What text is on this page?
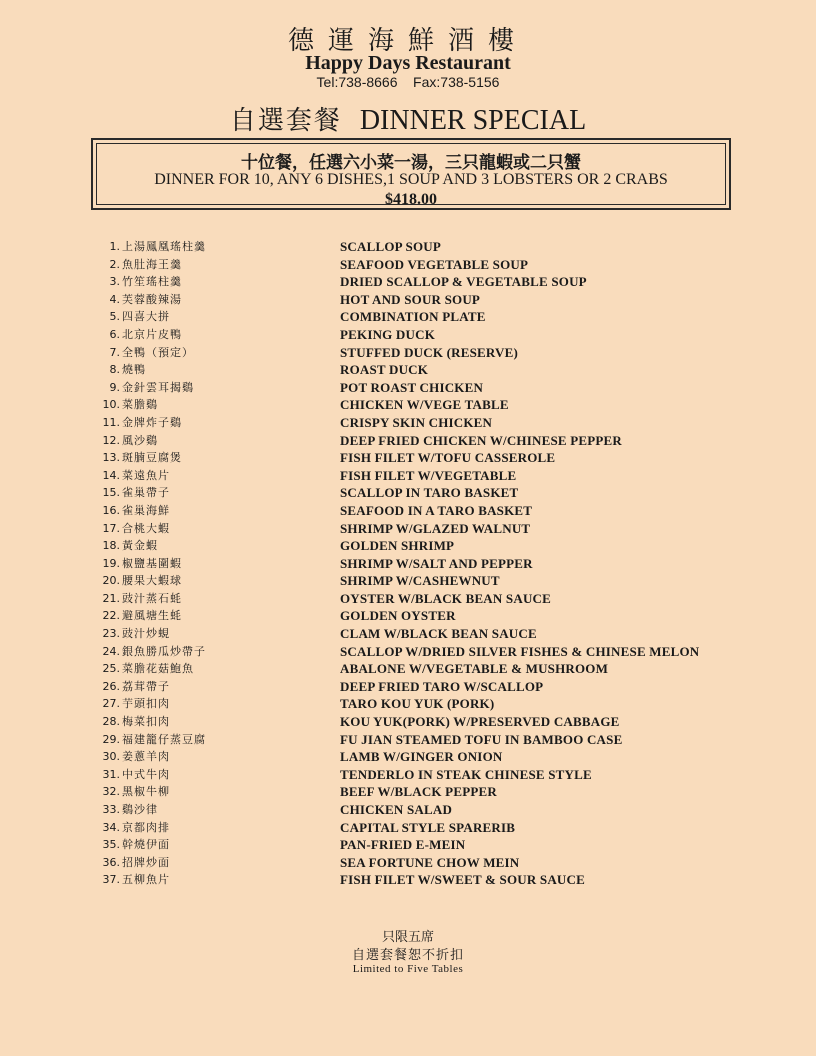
德運海鮮酒樓
Happy Days Restaurant
Tel:738-8666    Fax:738-5156
自選套餐 DINNER SPECIAL
十位餐，任選六小菜一湯，三只龍蝦或二只蟹
DINNER FOR 10, ANY 6 DISHES,1 SOUP AND 3 LOBSTERS OR 2 CRABS
$418.00
1. 上湯鳳凰瑤柱羹	SCALLOP SOUP
2. 魚肚海王羹	SEAFOOD VEGETABLE SOUP
3. 竹笙瑤柱羹	DRIED SCALLOP & VEGETABLE SOUP
4. 芙蓉酸辣湯	HOT AND SOUR SOUP
5. 四喜大拼	COMBINATION PLATE
6. 北京片皮鴨	PEKING DUCK
7. 全鴨（預定）	STUFFED DUCK (RESERVE)
8. 燒鴨	ROAST DUCK
9. 金針雲耳揭鷄	POT ROAST CHICKEN
10. 菜膽鷄	CHICKEN W/VEGE TABLE
11. 金牌炸子鷄	CRISPY SKIN CHICKEN
12. 風沙鷄	DEEP FRIED CHICKEN W/CHINESE PEPPER
13. 斑腩豆腐煲	FISH FILET W/TOFU CASSEROLE
14. 菜遠魚片	FISH FILET W/VEGETABLE
15. 雀巢帶子	SCALLOP IN TARO BASKET
16. 雀巢海鮮	SEAFOOD IN A TARO BASKET
17. 合桃大蝦	SHRIMP W/GLAZED WALNUT
18. 黃金蝦	GOLDEN SHRIMP
19. 椒鹽基圍蝦	SHRIMP W/SALT AND PEPPER
20. 腰果大蝦球	SHRIMP W/CASHEWNUT
21. 豉汁蒸石蚝	OYSTER W/BLACK BEAN SAUCE
22. 避風塘生蚝	GOLDEN OYSTER
23. 豉汁炒蜆	CLAM W/BLACK BEAN SAUCE
24. 銀魚勝瓜炒帶子	SCALLOP W/DRIED SILVER FISHES & CHINESE MELON
25. 菜膽花菇鮑魚	ABALONE W/VEGETABLE & MUSHROOM
26. 荔茸帶子	DEEP FRIED TARO W/SCALLOP
27. 芋頭扣肉	TARO KOU YUK (PORK)
28. 梅菜扣肉	KOU YUK(PORK) W/PRESERVED CABBAGE
29. 福建籠仔蒸豆腐	FU JIAN STEAMED TOFU IN BAMBOO CASE
30. 姜蔥羊肉	LAMB W/GINGER ONION
31. 中式牛肉	TENDERLO IN STEAK CHINESE STYLE
32. 黑椒牛柳	BEEF W/BLACK PEPPER
33. 鷄沙律	CHICKEN SALAD
34. 京都肉排	CAPITAL STYLE SPARERIB
35. 幹燒伊面	PAN-FRIED E-MEIN
36. 招牌炒面	SEA FORTUNE CHOW MEIN
37. 五柳魚片	FISH FILET W/SWEET & SOUR SAUCE
只限五席
自選套餐恕不折扣
Limited to Five Tables
